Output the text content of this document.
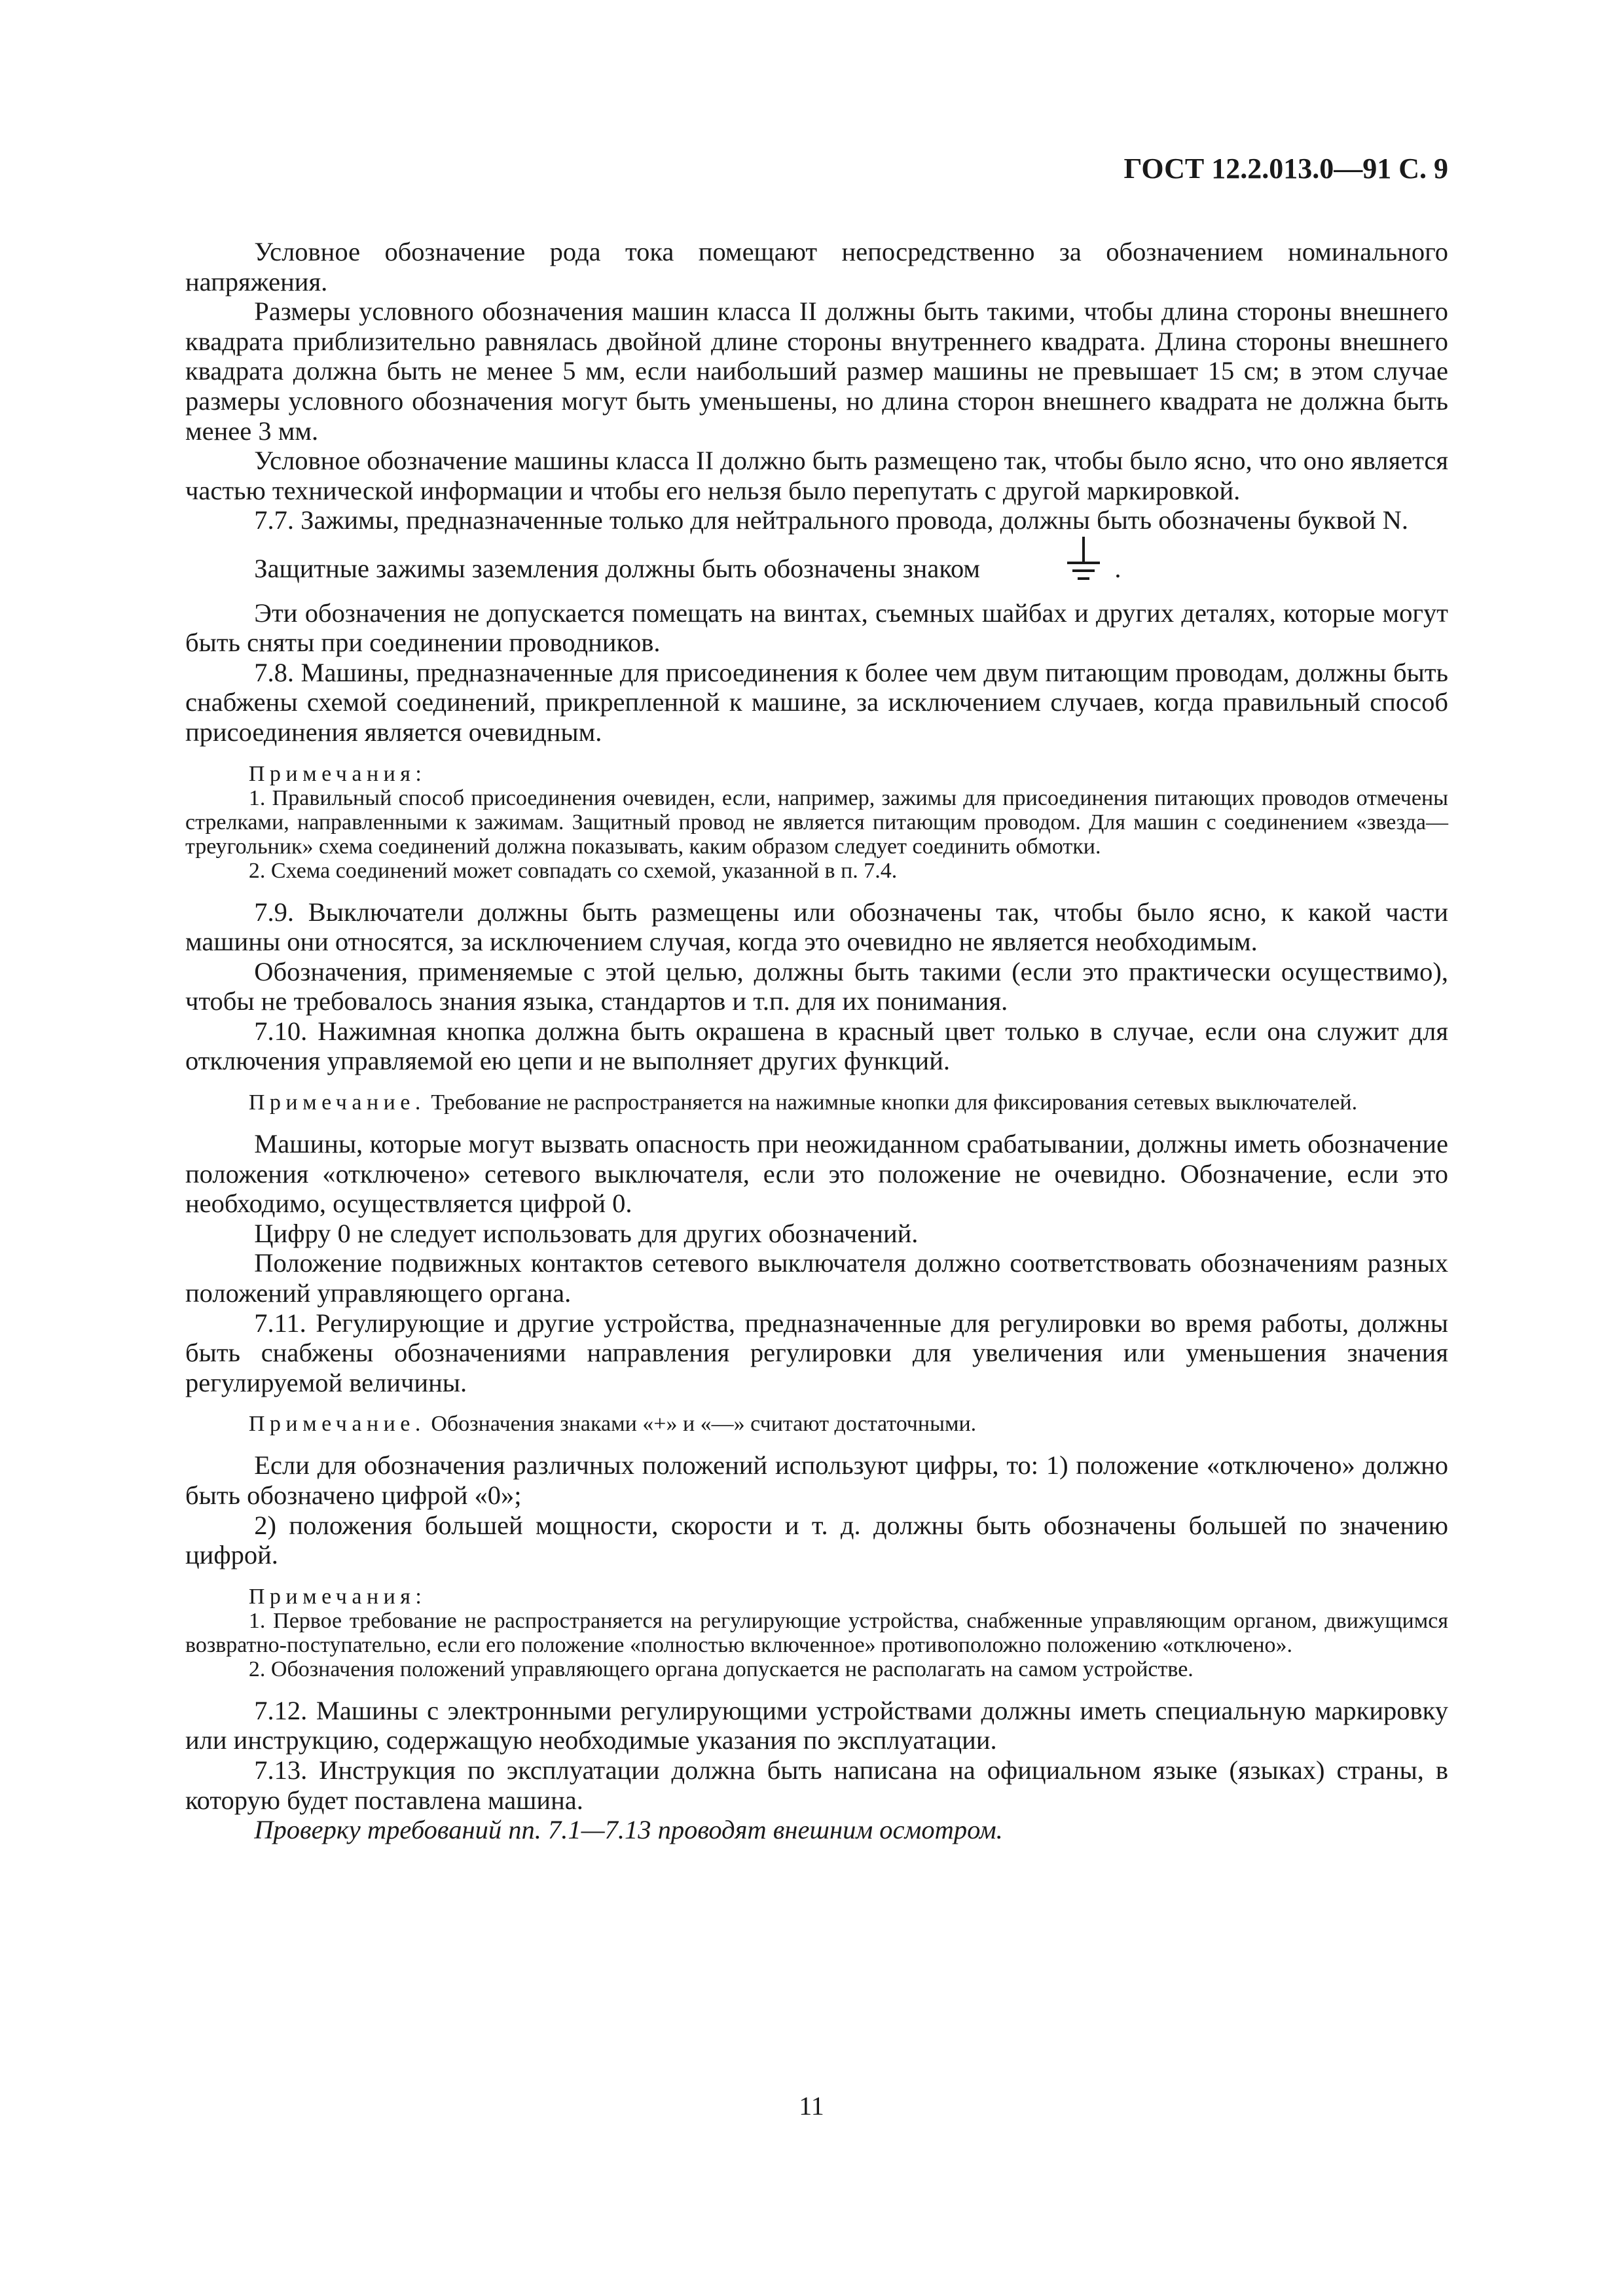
ГОСТ 12.2.013.0—91 С. 9

Условное обозначение рода тока помещают непосредственно за обозначением номинального напряжения.

Размеры условного обозначения машин класса II должны быть такими, чтобы длина стороны внешнего квадрата приблизительно равнялась двойной длине стороны внутреннего квадрата. Длина стороны внешнего квадрата должна быть не менее 5 мм, если наибольший размер машины не превышает 15 см; в этом случае размеры условного обозначения могут быть уменьшены, но длина сторон внешнего квадрата не должна быть менее 3 мм.

Условное обозначение машины класса II должно быть размещено так, чтобы было ясно, что оно является частью технической информации и чтобы его нельзя было перепутать с другой маркировкой.

7.7. Зажимы, предназначенные только для нейтрального провода, должны быть обозначены буквой N.

Защитные зажимы заземления должны быть обозначены знаком	.

Эти обозначения не допускается помещать на винтах, съемных шайбах и других деталях, которые могут быть сняты при соединении проводников.

7.8. Машины, предназначенные для присоединения к более чем двум питающим проводам, должны быть снабжены схемой соединений, прикрепленной к машине, за исключением случаев, когда правильный способ присоединения является очевидным.

Примечания:

1. Правильный способ присоединения очевиден, если, например, зажимы для присоединения питающих проводов отмечены стрелками, направленными к зажимам. Защитный провод не является питающим проводом. Для машин с соединением «звезда—треугольник» схема соединений должна показывать, каким образом следует соединить обмотки.

2. Схема соединений может совпадать со схемой, указанной в п. 7.4.

7.9. Выключатели должны быть размещены или обозначены так, чтобы было ясно, к какой части машины они относятся, за исключением случая, когда это очевидно не является необходимым.

Обозначения, применяемые с этой целью, должны быть такими (если это практически осуществимо), чтобы не требовалось знания языка, стандартов и т.п. для их понимания.

7.10. Нажимная кнопка должна быть окрашена в красный цвет только в случае, если она служит для отключения управляемой ею цепи и не выполняет других функций.

Примечание. Требование не распространяется на нажимные кнопки для фиксирования сетевых выключателей.

Машины, которые могут вызвать опасность при неожиданном срабатывании, должны иметь обозначение положения «отключено» сетевого выключателя, если это положение не очевидно. Обозначение, если это необходимо, осуществляется цифрой 0.

Цифру 0 не следует использовать для других обозначений.

Положение подвижных контактов сетевого выключателя должно соответствовать обозначениям разных положений управляющего органа.

7.11. Регулирующие и другие устройства, предназначенные для регулировки во время работы, должны быть снабжены обозначениями направления регулировки для увеличения или уменьшения значения регулируемой величины.

Примечание. Обозначения знаками «+» и «—» считают достаточными.

Если для обозначения различных положений используют цифры, то: 1) положение «отключено» должно быть обозначено цифрой «0»;

2) положения большей мощности, скорости и т. д. должны быть обозначены большей по значению цифрой.

Примечания:

1. Первое требование не распространяется на регулирующие устройства, снабженные управляющим органом, движущимся возвратно-поступательно, если его положение «полностью включенное» противоположно положению «отключено».

2. Обозначения положений управляющего органа допускается не располагать на самом устройстве.

7.12. Машины с электронными регулирующими устройствами должны иметь специальную маркировку или инструкцию, содержащую необходимые указания по эксплуатации.

7.13. Инструкция по эксплуатации должна быть написана на официальном языке (языках) страны, в которую будет поставлена машина.

Проверку требований пп. 7.1—7.13 проводят внешним осмотром.

11
